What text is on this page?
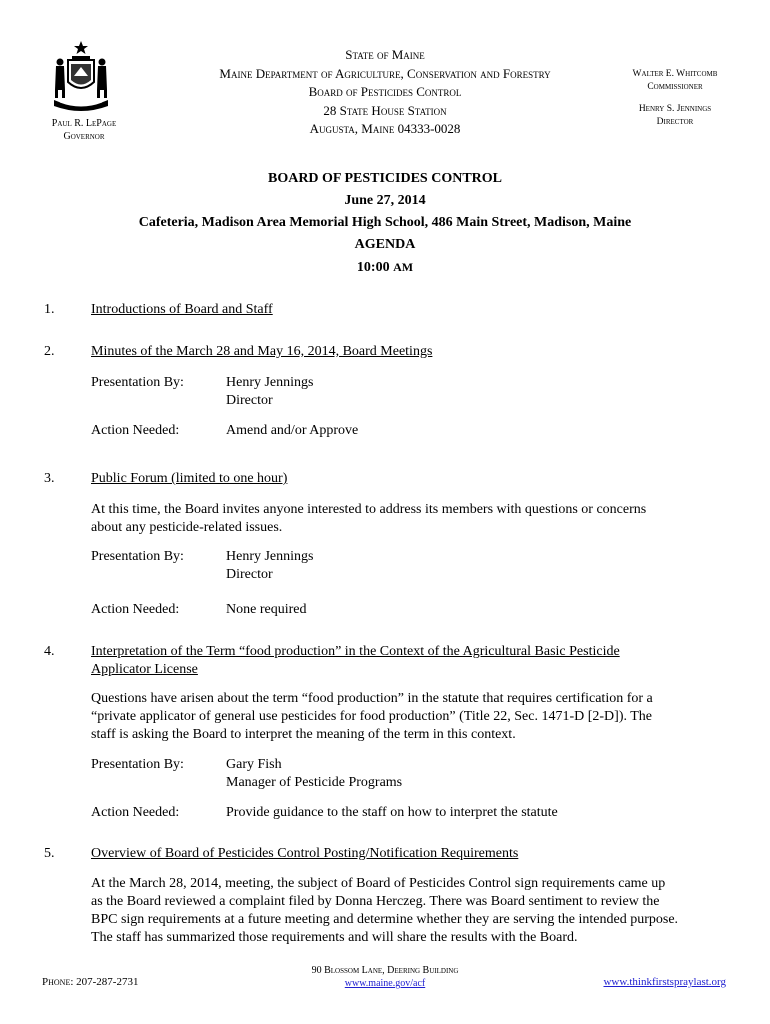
Paul R. LePage
Governor
State of Maine
Maine Department of Agriculture, Conservation and Forestry
Board of Pesticides Control
28 State House Station
Augusta, Maine 04333-0028
Walter E. Whitcomb
Commissioner
Henry S. Jennings
Director
BOARD OF PESTICIDES CONTROL
June 27, 2014
Cafeteria, Madison Area Memorial High School, 486 Main Street, Madison, Maine
AGENDA
10:00 AM
1.	Introductions of Board and Staff
2.	Minutes of the March 28 and May 16, 2014, Board Meetings
Presentation By:	Henry Jennings
Director
Action Needed:	Amend and/or Approve
3.	Public Forum (limited to one hour)
At this time, the Board invites anyone interested to address its members with questions or concerns
about any pesticide-related issues.
Presentation By:	Henry Jennings
Director
Action Needed:	None required
4.	Interpretation of the Term “food production” in the Context of the Agricultural Basic Pesticide
Applicator License
Questions have arisen about the term “food production” in the statute that requires certification for a
“private applicator of general use pesticides for food production” (Title 22, Sec. 1471-D [2-D]). The
staff is asking the Board to interpret the meaning of the term in this context.
Presentation By:	Gary Fish
Manager of Pesticide Programs
Action Needed:	Provide guidance to the staff on how to interpret the statute
5.	Overview of Board of Pesticides Control Posting/Notification Requirements
At the March 28, 2014, meeting, the subject of Board of Pesticides Control sign requirements came up
as the Board reviewed a complaint filed by Donna Herczeg. There was Board sentiment to review the
BPC sign requirements at a future meeting and determine whether they are serving the intended purpose.
The staff has summarized those requirements and will share the results with the Board.
Phone: 207-287-2731
90 Blossom Lane, Deering Building
www.maine.gov/acf	www.thinkfirstspraylast.org
